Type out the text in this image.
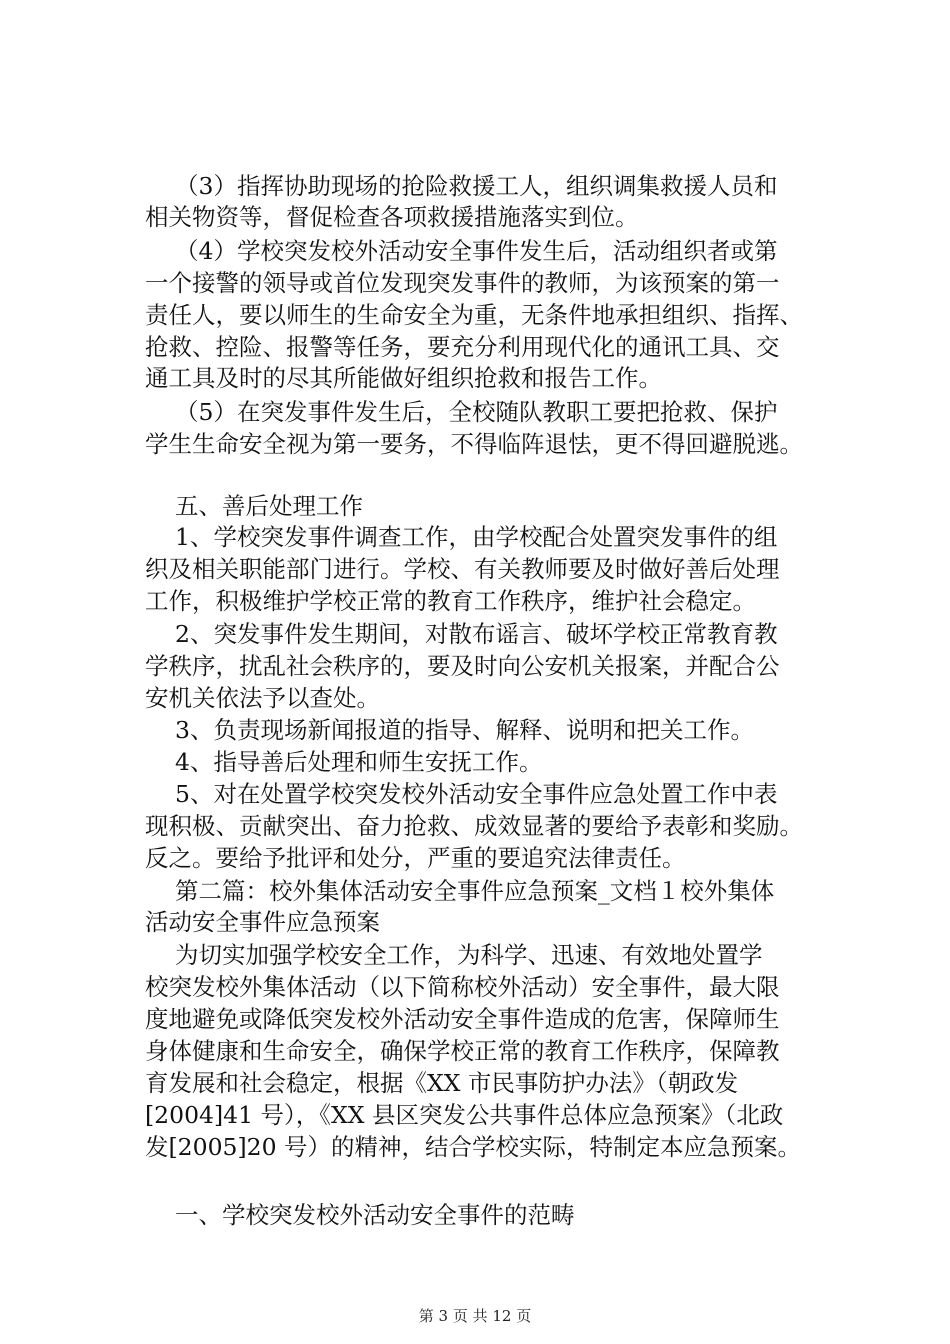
（3）指挥协助现场的抢险救援工人，组织调集救援人员和

相关物资等，督促检查各项救援措施落实到位。

（4）学校突发校外活动安全事件发生后，活动组织者或第

一个接警的领导或首位发现突发事件的教师，为该预案的第一

责任人，要以师生的生命安全为重，无条件地承担组织、指挥、

抢救、控险、报警等任务，要充分利用现代化的通讯工具、交

通工具及时的尽其所能做好组织抢救和报告工作。

（5）在突发事件发生后，全校随队教职工要把抢救、保护

学生生命安全视为第一要务，不得临阵退怯，更不得回避脱逃。

五、善后处理工作

1、学校突发事件调查工作，由学校配合处置突发事件的组

织及相关职能部门进行。学校、有关教师要及时做好善后处理

工作，积极维护学校正常的教育工作秩序，维护社会稳定。

2、突发事件发生期间，对散布谣言、破坏学校正常教育教

学秩序，扰乱社会秩序的，要及时向公安机关报案，并配合公

安机关依法予以查处。

3、负责现场新闻报道的指导、解释、说明和把关工作。

4、指导善后处理和师生安抚工作。

5、对在处置学校突发校外活动安全事件应急处置工作中表

现积极、贡献突出、奋力抢救、成效显著的要给予表彰和奖励。

反之。要给予批评和处分，严重的要追究法律责任。

第二篇：校外集体活动安全事件应急预案_文档１校外集体

活动安全事件应急预案

为切实加强学校安全工作，为科学、迅速、有效地处置学

校突发校外集体活动（以下简称校外活动）安全事件，最大限

度地避免或降低突发校外活动安全事件造成的危害，保障师生

身体健康和生命安全，确保学校正常的教育工作秩序，保障教

育发展和社会稳定，根据《XX 市民事防护办法》（朝政发

[2004]41 号），《XX 县区突发公共事件总体应急预案》（北政

发[2005]20 号）的精神，结合学校实际，特制定本应急预案。

一、学校突发校外活动安全事件的范畴

第 3 页 共 12 页
